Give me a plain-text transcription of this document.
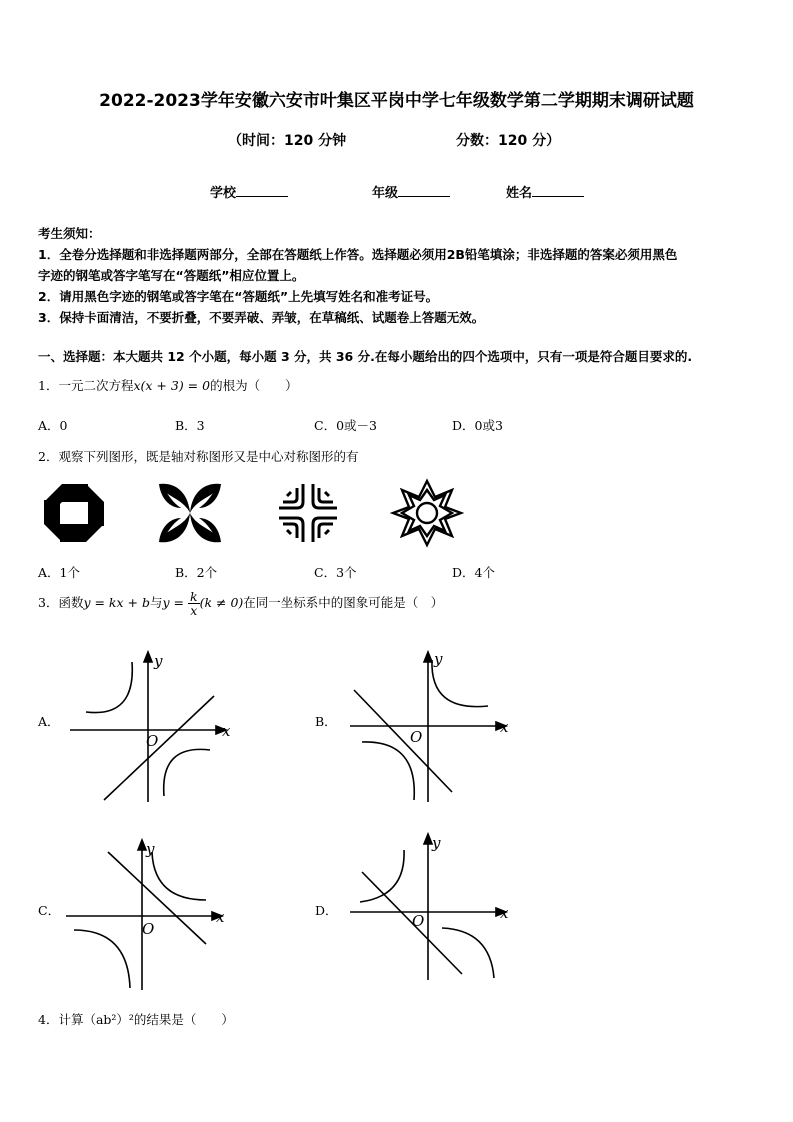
2022-2023学年安徽六安市叶集区平岗中学七年级数学第二学期期末调研试题
（时间：120 分钟	分数：120 分）
学校	年级	姓名
考生须知：
1．全卷分选择题和非选择题两部分，全部在答题纸上作答。选择题必须用2B铅笔填涂；非选择题的答案必须用黑色
字迹的钢笔或答字笔写在“答题纸”相应位置上。
2．请用黑色字迹的钢笔或答字笔在“答题纸”上先填写姓名和准考证号。
3．保持卡面清洁，不要折叠，不要弄破、弄皱，在草稿纸、试题卷上答题无效。
一、选择题：本大题共 12 个小题，每小题 3 分，共 36 分.在每小题给出的四个选项中，只有一项是符合题目要求的.
1．一元二次方程x(x + 3) = 0的根为（　　）
A．0	B．3	C．0或－3	D．0或3
2．观察下列图形，既是轴对称图形又是中心对称图形的有
A．1个	B．2个	C．3个	D．4个
3．函数y = kx + b与$y = \frac{k}{x} (k \ne 0)$在同一坐标系中的图象可能是（　）
A．	B．
C．	D．
x
y
O
x
y
O
x
y
O
x
y
O
4．计算（ab²）²的结果是（　　）
